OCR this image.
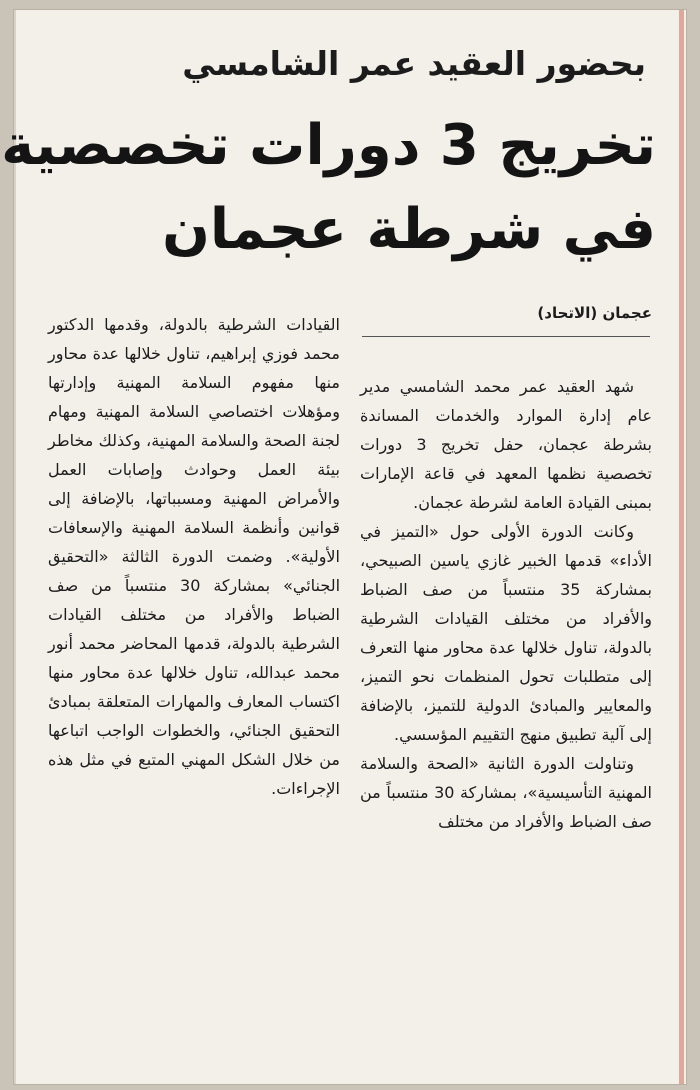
بحضور العقيد عمر الشامسي
تخريج 3 دورات تخصصية
في شرطة عجمان
عجمان (الاتحاد)

شهد العقيد عمر محمد الشامسي مدير عام إدارة الموارد والخدمات المساندة بشرطة عجمان، حفل تخريج 3 دورات تخصصية نظمها المعهد في قاعة الإمارات بمبنى القيادة العامة لشرطة عجمان.

وكانت الدورة الأولى حول «التميز في الأداء» قدمها الخبير غازي ياسين الصبيحي، بمشاركة 35 منتسباً من صف الضباط والأفراد من مختلف القيادات الشرطية بالدولة، تناول خلالها عدة محاور منها التعرف إلى متطلبات تحول المنظمات نحو التميز، والمعايير والمبادئ الدولية للتميز، بالإضافة إلى آلية تطبيق منهج التقييم المؤسسي.

وتناولت الدورة الثانية «الصحة والسلامة المهنية التأسيسية»، بمشاركة 30 منتسباً من صف الضباط والأفراد من مختلف

القيادات الشرطية بالدولة، وقدمها الدكتور محمد فوزي إبراهيم، تناول خلالها عدة محاور منها مفهوم السلامة المهنية وإدارتها ومؤهلات اختصاصي السلامة المهنية ومهام لجنة الصحة والسلامة المهنية، وكذلك مخاطر بيئة العمل وحوادث وإصابات العمل والأمراض المهنية ومسبباتها، بالإضافة إلى قوانين وأنظمة السلامة المهنية والإسعافات الأولية». وضمت الدورة الثالثة «التحقيق الجنائي» بمشاركة 30 منتسباً من صف الضباط والأفراد من مختلف القيادات الشرطية بالدولة، قدمها المحاضر محمد أنور محمد عبدالله، تناول خلالها عدة محاور منها اكتساب المعارف والمهارات المتعلقة بمبادئ التحقيق الجنائي، والخطوات الواجب اتباعها من خلال الشكل المهني المتبع في مثل هذه الإجراءات.
